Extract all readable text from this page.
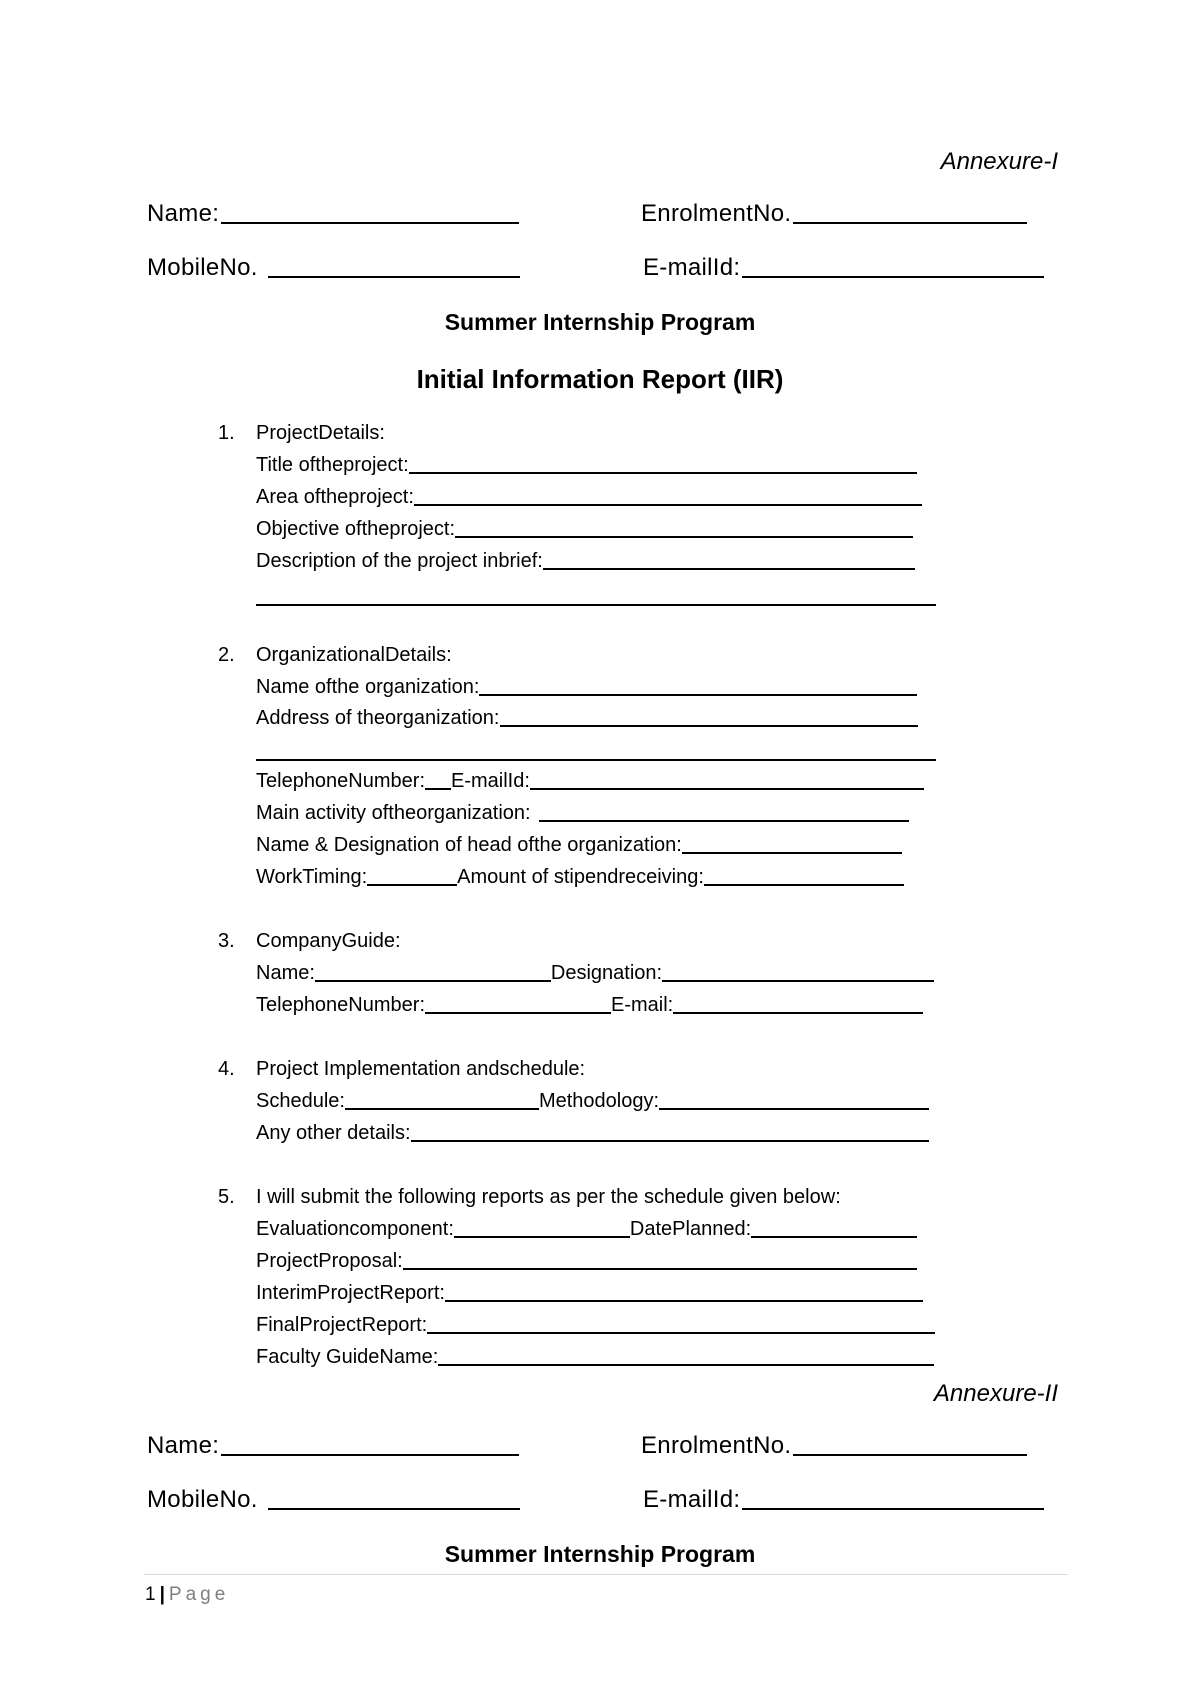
Annexure-I
Name:	EnrolmentNo.
MobileNo.	E-mailId:
Summer Internship Program
Initial Information Report (IIR)
1. ProjectDetails:
Title oftheproject:
Area oftheproject:
Objective oftheproject:
Description of the project inbrief:
2. OrganizationalDetails:
Name ofthe organization:
Address of theorganization:
TelephoneNumber: E-mailId:
Main activity oftheorganization:
Name & Designation of head ofthe organization:
WorkTiming:	Amount of stipendreceiving:
3. CompanyGuide:
Name:	Designation:
TelephoneNumber:	E-mail:
4. Project Implementation andschedule:
Schedule:	Methodology:
Any other details:
5. I will submit the following reports as per the schedule given below:
Evaluationcomponent:	DatePlanned:
ProjectProposal:
InterimProjectReport:
FinalProjectReport:
Faculty GuideName:
Annexure-II
Name:	EnrolmentNo.
MobileNo.	E-mailId:
Summer Internship Program
1 | Page
